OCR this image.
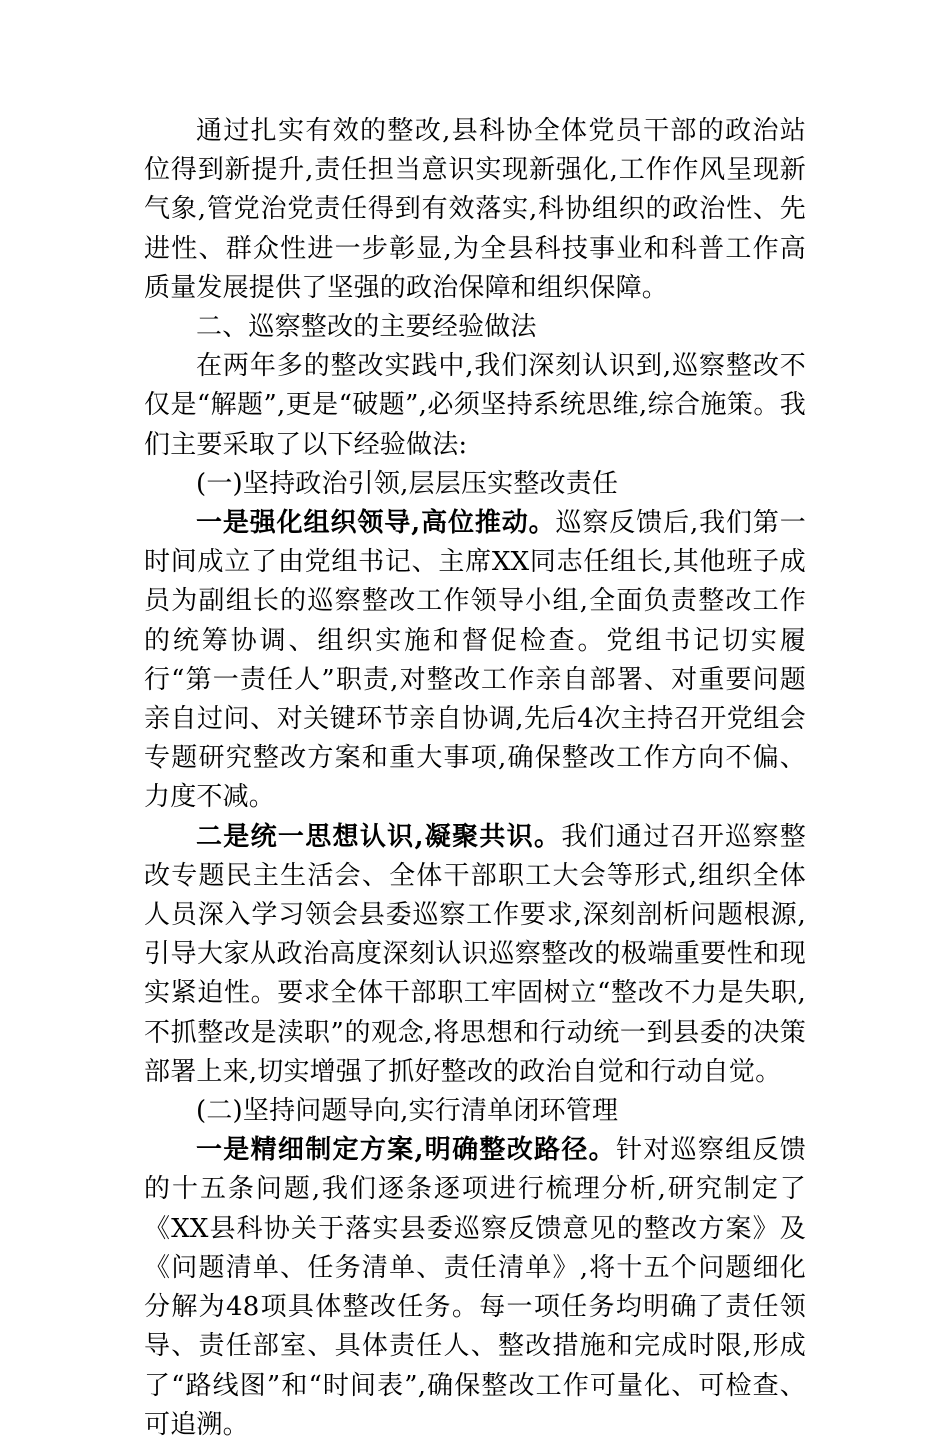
通过扎实有效的整改,县科协全体党员干部的政治站位得到新提升,责任担当意识实现新强化,工作作风呈现新气象,管党治党责任得到有效落实,科协组织的政治性、先进性、群众性进一步彰显,为全县科技事业和科普工作高质量发展提供了坚强的政治保障和组织保障。

二、巡察整改的主要经验做法

在两年多的整改实践中,我们深刻认识到,巡察整改不仅是“解题”,更是“破题”,必须坚持系统思维,综合施策。我们主要采取了以下经验做法:

(一)坚持政治引领,层层压实整改责任

一是强化组织领导,高位推动。巡察反馈后,我们第一时间成立了由党组书记、主席XX同志任组长,其他班子成员为副组长的巡察整改工作领导小组,全面负责整改工作的统筹协调、组织实施和督促检查。党组书记切实履行“第一责任人”职责,对整改工作亲自部署、对重要问题亲自过问、对关键环节亲自协调,先后4次主持召开党组会专题研究整改方案和重大事项,确保整改工作方向不偏、力度不减。

二是统一思想认识,凝聚共识。我们通过召开巡察整改专题民主生活会、全体干部职工大会等形式,组织全体人员深入学习领会县委巡察工作要求,深刻剖析问题根源,引导大家从政治高度深刻认识巡察整改的极端重要性和现实紧迫性。要求全体干部职工牢固树立“整改不力是失职,不抓整改是渎职”的观念,将思想和行动统一到县委的决策部署上来,切实增强了抓好整改的政治自觉和行动自觉。

(二)坚持问题导向,实行清单闭环管理

一是精细制定方案,明确整改路径。针对巡察组反馈的十五条问题,我们逐条逐项进行梳理分析,研究制定了《XX县科协关于落实县委巡察反馈意见的整改方案》及《问题清单、任务清单、责任清单》,将十五个问题细化分解为48项具体整改任务。每一项任务均明确了责任领导、责任部室、具体责任人、整改措施和完成时限,形成了“路线图”和“时间表”,确保整改工作可量化、可检查、可追溯。
